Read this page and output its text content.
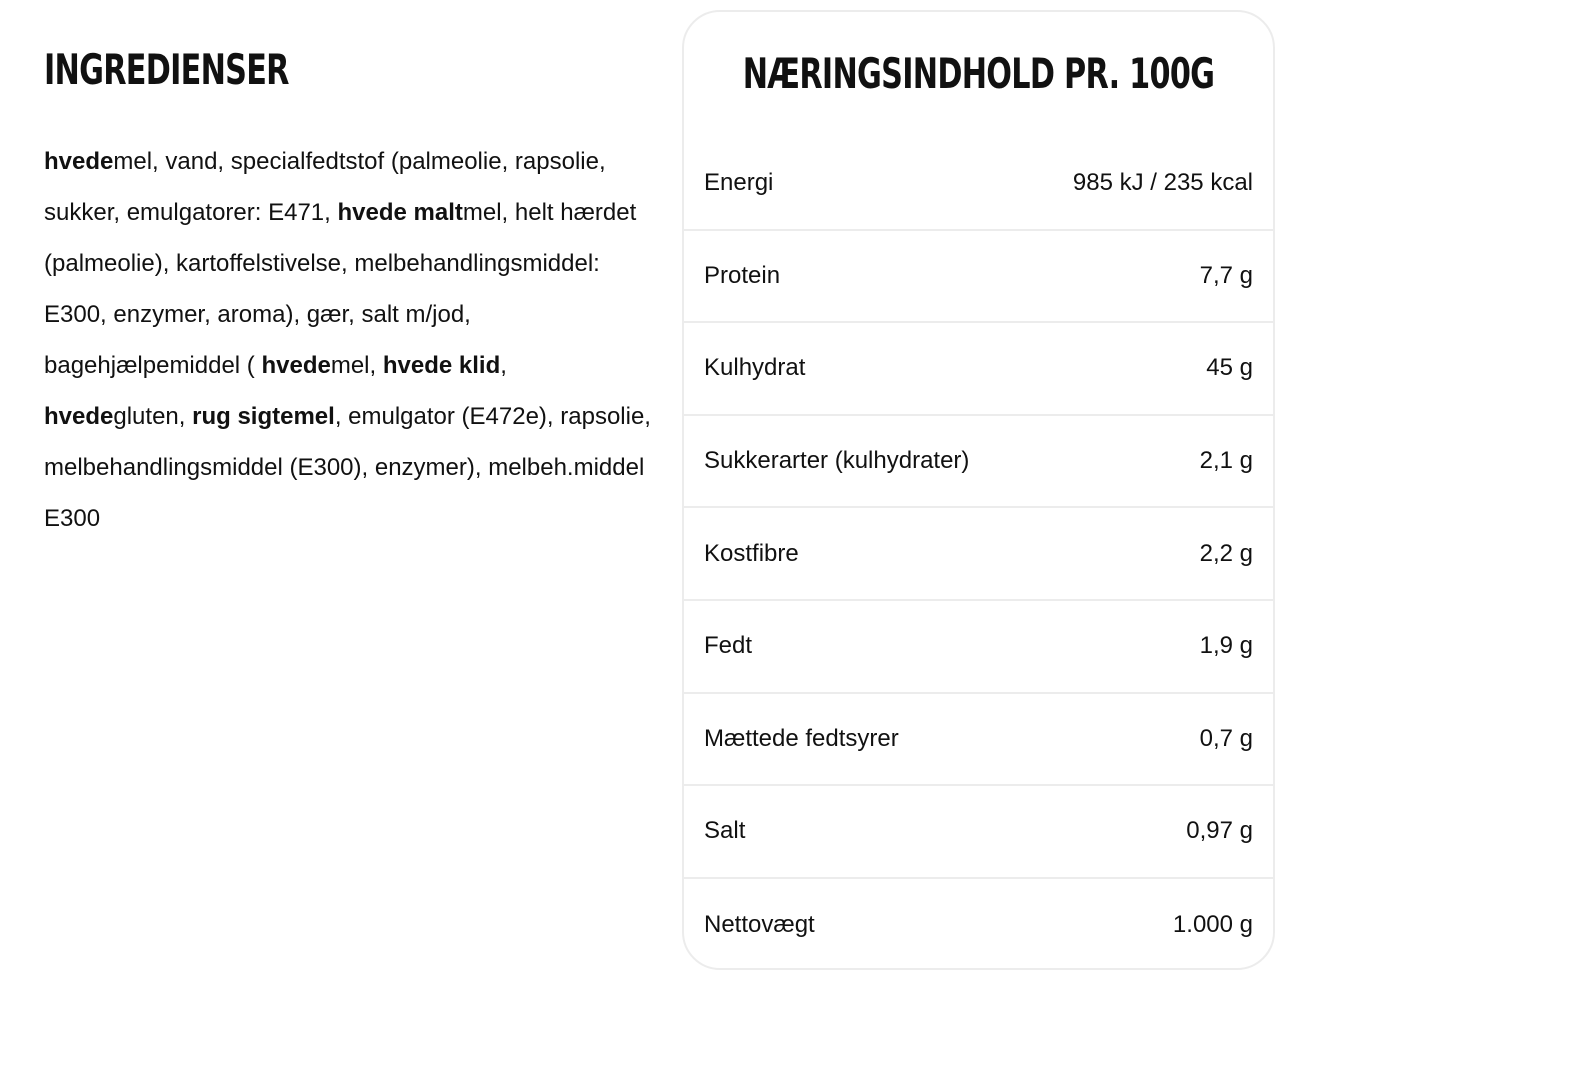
INGREDIENSER
hvedemel, vand, specialfedtstof (palmeolie, rapsolie, sukker, emulgatorer: E471, hvede maltmel, helt hærdet (palmeolie), kartoffelstivelse, melbehandlingsmiddel: E300, enzymer, aroma), gær, salt m/jod, bagehjælpemiddel ( hvedemel, hvede klid, hvedegluten, rug sigtemel, emulgator (E472e), rapsolie, melbehandlingsmiddel (E300), enzymer), melbeh.middel E300
NÆRINGSINDHOLD PR. 100G
Energi	985 kJ / 235 kcal
Protein	7,7 g
Kulhydrat	45 g
Sukkerarter (kulhydrater)	2,1 g
Kostfibre	2,2 g
Fedt	1,9 g
Mættede fedtsyrer	0,7 g
Salt	0,97 g
Nettovægt	1.000 g
